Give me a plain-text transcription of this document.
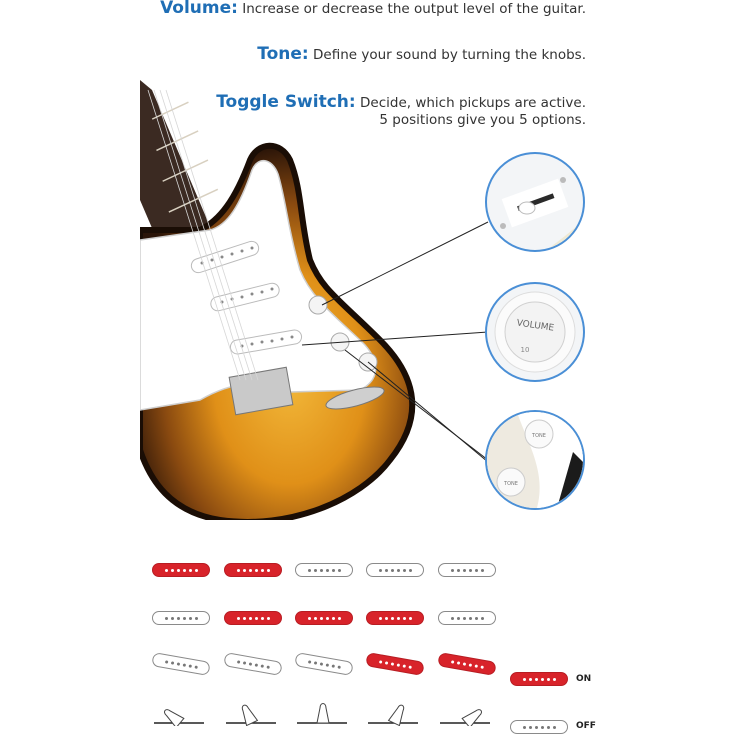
Volume: Increase or decrease the output level of the guitar.
Tone: Define your sound by turning the knobs.
Toggle Switch: Decide, which pickups are active.
5 positions give you 5 options.
VOLUME
10
TONE
TONE
ON
OFF
